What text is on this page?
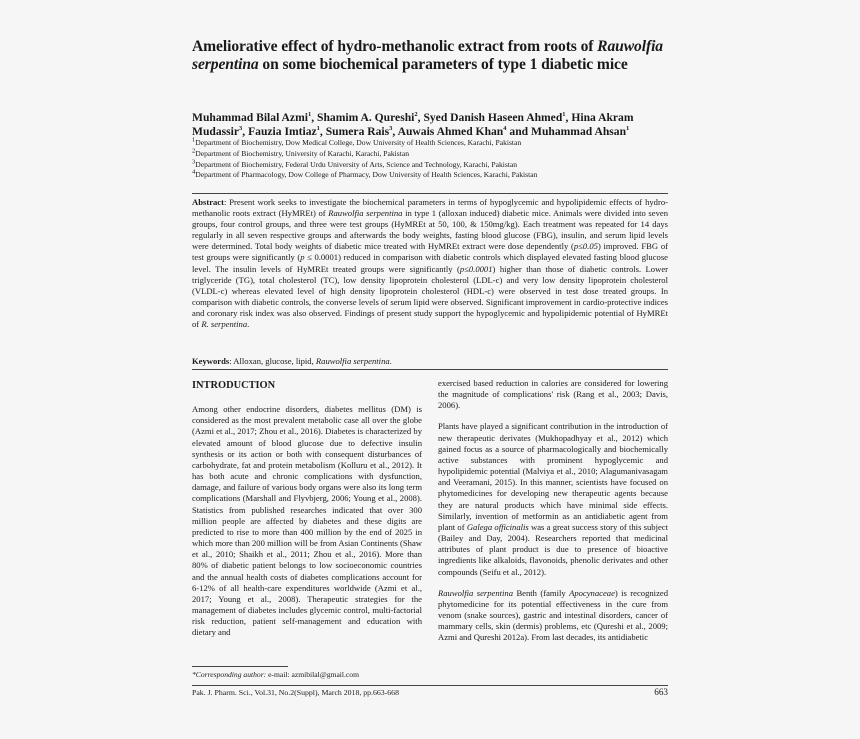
Ameliorative effect of hydro-methanolic extract from roots of Rauwolfia serpentina on some biochemical parameters of type 1 diabetic mice
Muhammad Bilal Azmi$^1$, Shamim A. Qureshi$^2$, Syed Danish Haseen Ahmed$^1$, Hina Akram Mudassir$^3$, Fauzia Imtiaz$^1$, Sumera Rais$^3$, Auwais Ahmed Khan$^4$ and Muhammad Ahsan$^1$
$^1$Department of Biochemistry, Dow Medical College, Dow University of Health Sciences, Karachi, Pakistan
$^2$Department of Biochemistry, University of Karachi, Karachi, Pakistan
$^3$Department of Biochemistry, Federal Urdu University of Arts, Science and Technology, Karachi, Pakistan
$^4$Department of Pharmacology, Dow College of Pharmacy, Dow University of Health Sciences, Karachi, Pakistan
Abstract: Present work seeks to investigate the biochemical parameters in terms of hypoglycemic and hypolipidemic effects of hydro-methanolic roots extract (HyMREt) of Rauwolfia serpentina in type 1 (alloxan induced) diabetic mice. Animals were divided into seven groups, four control groups, and three were test groups (HyMREt at 50, 100, & 150mg/kg). Each treatment was repeated for 14 days regularly in all seven respective groups and afterwards the body weights, fasting blood glucose (FBG), insulin, and serum lipid levels were determined. Total body weights of diabetic mice treated with HyMREt extract were dose dependently (p≤0.05) improved. FBG of test groups were significantly (p ≤ 0.0001) reduced in comparison with diabetic controls which displayed elevated fasting blood glucose level. The insulin levels of HyMREt treated groups were significantly (p≤0.0001) higher than those of diabetic controls. Lower triglyceride (TG), total cholesterol (TC), low density lipoprotein cholesterol (LDL-c) and very low density lipoprotein cholesterol (VLDL-c) whereas elevated level of high density lipoprotein cholesterol (HDL-c) were observed in test dose treated groups. In comparison with diabetic controls, the converse levels of serum lipid were observed. Significant improvement in cardio-protective indices and coronary risk index was also observed. Findings of present study support the hypoglycemic and hypolipidemic potential of HyMREt of R. serpentina.
Keywords: Alloxan, glucose, lipid, Rauwolfia serpentina.
INTRODUCTION

Among other endocrine disorders, diabetes mellitus (DM) is considered as the most prevalent metabolic case all over the globe (Azmi et al., 2017; Zhou et al., 2016). Diabetes is characterized by elevated amount of blood glucose due to defective insulin synthesis or its action or both with consequent disturbances of carbohydrate, fat and protein metabolism (Kolluru et al., 2012). It has both acute and chronic complications with dysfunction, damage, and failure of various body organs were also its long term complications (Marshall and Flyvbjerg, 2006; Young et al., 2008). Statistics from published researches indicated that over 300 million people are affected by diabetes and these digits are predicted to rise to more than 400 million by the end of 2025 in which more than 200 million will be from Asian Continents (Shaw et al., 2010; Shaikh et al., 2011; Zhou et al., 2016). More than 80% of diabetic patient belongs to low socioeconomic countries and the annual health costs of diabetes complications account for 6-12% of all health-care expenditures worldwide (Azmi et al., 2017; Young et al., 2008). Therapeutic strategies for the management of diabetes includes glycemic control, multi-factorial risk reduction, patient self-management and education with dietary and

exercised based reduction in calories are considered for lowering the magnitude of complications' risk (Rang et al., 2003; Davis, 2006).

Plants have played a significant contribution in the introduction of new therapeutic derivates (Mukhopadhyay et al., 2012) which gained focus as a source of pharmacologically and biochemically active substances with prominent hypoglycemic and hypolipidemic potential (Malviya et al., 2010; Alagumanivasagam and Veeramani, 2015). In this manner, scientists have focused on phytomedicines for developing new therapeutic agents because they are natural products which have minimal side effects. Similarly, invention of metformin as an antidiabetic agent from plant of Galega officinalis was a great success story of this subject (Bailey and Day, 2004). Researchers reported that medicinal attributes of plant product is due to presence of bioactive ingredients like alkaloids, flavonoids, phenolic derivates and other compounds (Seifu et al., 2012).

Rauwolfia serpentina Benth (family Apocynaceae) is recognized phytomedicine for its potential effectiveness in the cure from venom (snake sources), gastric and intestinal disorders, cancer of mammary cells, skin (dermis) problems, etc (Qureshi et al., 2009; Azmi and Qureshi 2012a). From last decades, its antidiabetic

*Corresponding author: e-mail: azmibilal@gmail.com
Pak. J. Pharm. Sci., Vol.31, No.2(Suppl), March 2018, pp.663-668	663
